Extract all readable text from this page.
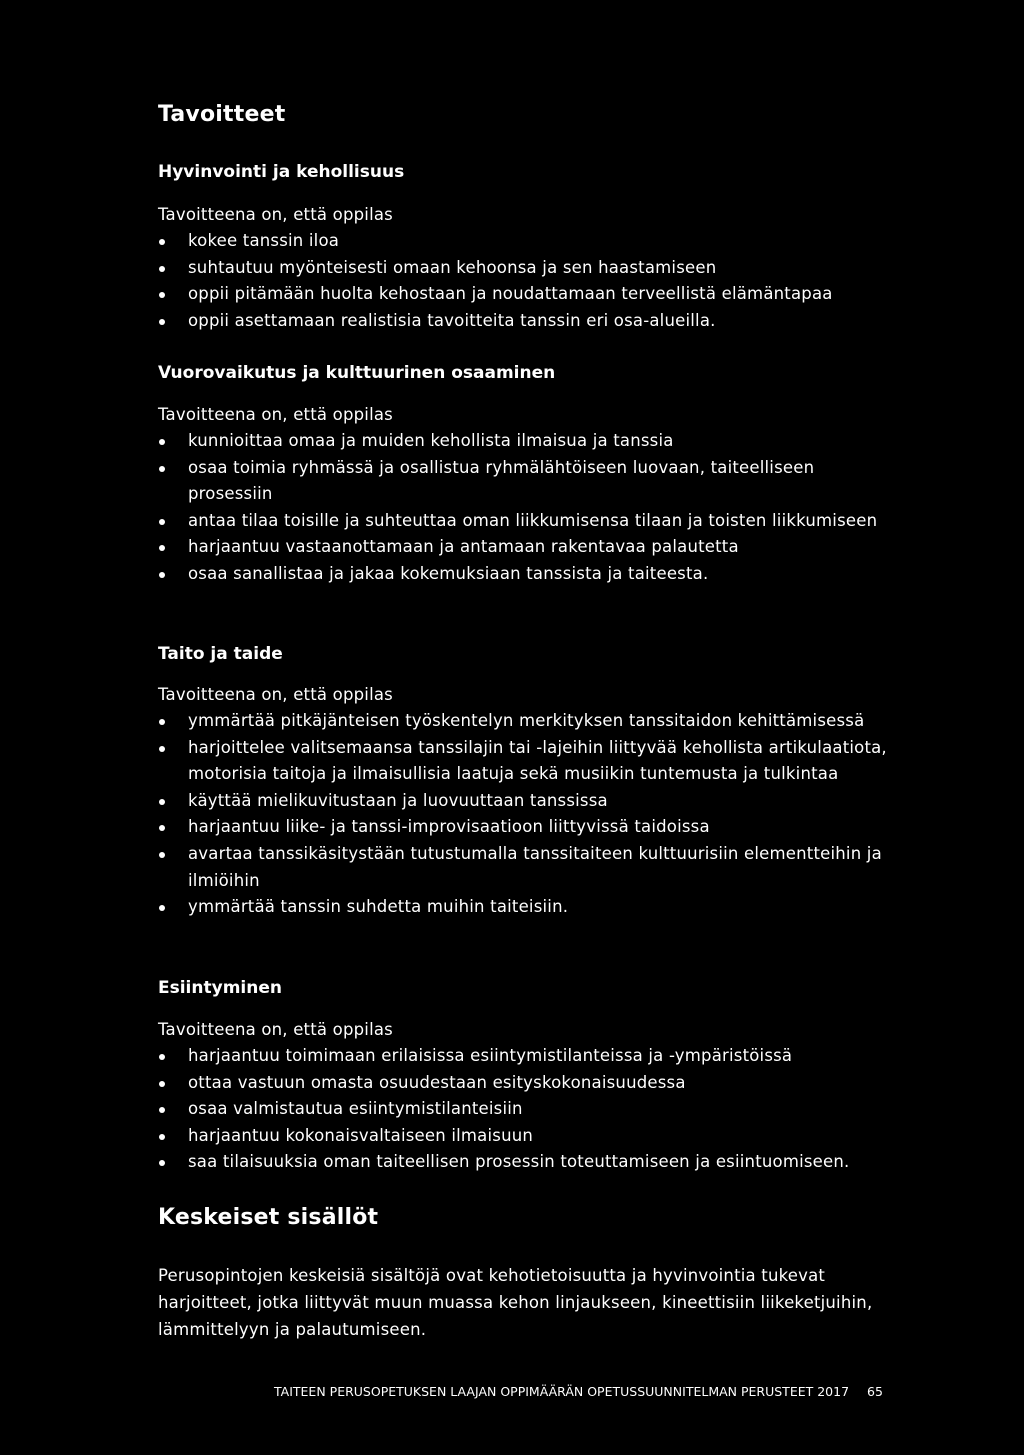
Tavoitteet
Hyvinvointi ja kehollisuus

Tavoitteena on, että oppilas

kokee tanssin iloa
suhtautuu myönteisesti omaan kehoonsa ja sen haastamiseen
oppii pitämään huolta kehostaan ja noudattamaan terveellistä elämäntapaa
oppii asettamaan realistisia tavoitteita tanssin eri osa-alueilla.
Vuorovaikutus ja kulttuurinen osaaminen

Tavoitteena on, että oppilas

kunnioittaa omaa ja muiden kehollista ilmaisua ja tanssia
osaa toimia ryhmässä ja osallistua ryhmälähtöiseen luovaan, taiteelliseen prosessiin
antaa tilaa toisille ja suhteuttaa oman liikkumisensa tilaan ja toisten liikkumiseen
harjaantuu vastaanottamaan ja antamaan rakentavaa palautetta
osaa sanallistaa ja jakaa kokemuksiaan tanssista ja taiteesta.
Taito ja taide

Tavoitteena on, että oppilas

ymmärtää pitkäjänteisen työskentelyn merkityksen tanssitaidon kehittämisessä
harjoittelee valitsemaansa tanssilajin tai -lajeihin liittyvää kehollista artikulaatiota, motorisia taitoja ja ilmaisullisia laatuja sekä musiikin tuntemusta ja tulkintaa
käyttää mielikuvitustaan ja luovuuttaan tanssissa
harjaantuu liike- ja tanssi-improvisaatioon liittyvissä taidoissa
avartaa tanssikäsitystään tutustumalla tanssitaiteen kulttuurisiin elementteihin ja ilmiöihin
ymmärtää tanssin suhdetta muihin taiteisiin.
Esiintyminen

Tavoitteena on, että oppilas

harjaantuu toimimaan erilaisissa esiintymistilanteissa ja -ympäristöissä
ottaa vastuun omasta osuudestaan esityskokonaisuudessa
osaa valmistautua esiintymistilanteisiin
harjaantuu kokonaisvaltaiseen ilmaisuun
saa tilaisuuksia oman taiteellisen prosessin toteuttamiseen ja esiintuomiseen.
Keskeiset sisällöt

Perusopintojen keskeisiä sisältöjä ovat kehotietoisuutta ja hyvinvointia tukevat harjoitteet, jotka liittyvät muun muassa kehon linjaukseen, kineettisiin liikeketjuihin, lämmittelyyn ja palautumiseen.

TAITEEN PERUSOPETUKSEN LAAJAN OPPIMÄÄRÄN OPETUSSUUNNITELMAN PERUSTEET 2017 65
